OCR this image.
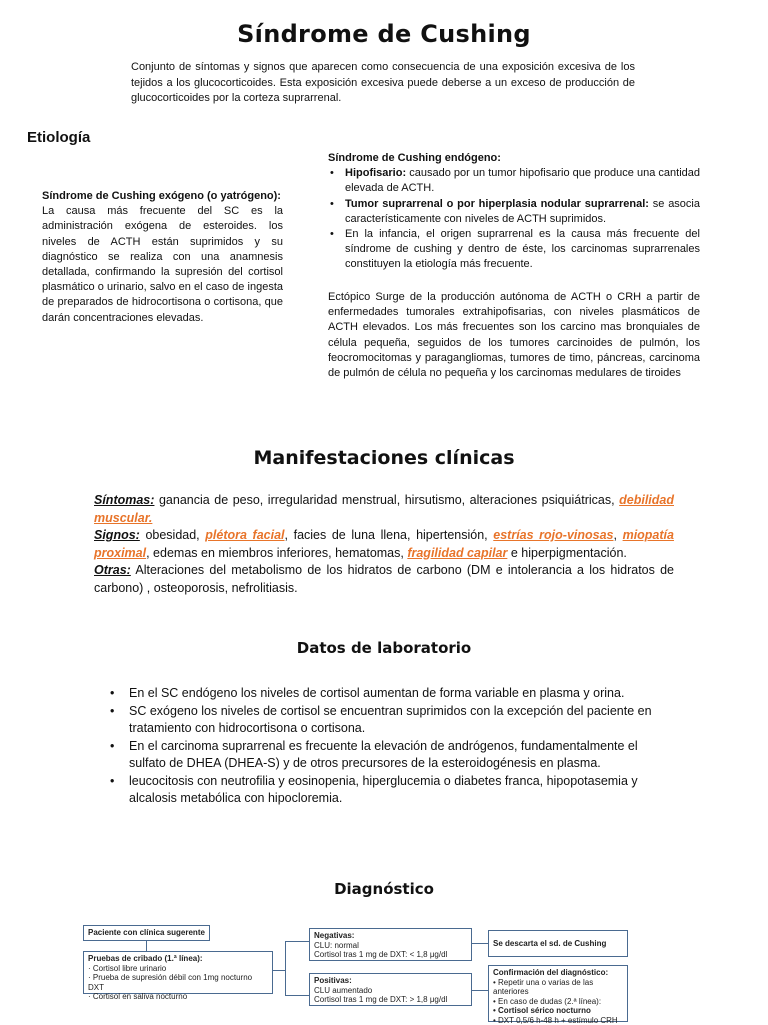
Síndrome de Cushing
Conjunto de síntomas y signos que aparecen como consecuencia de una exposición excesiva de los tejidos a los glucocorticoides. Esta exposición excesiva puede deberse a un exceso de producción de glucocorticoides por la corteza suprarrenal.
Etiología
Síndrome de Cushing exógeno (o yatrógeno):
La causa más frecuente del SC es la administración exógena de esteroides. los niveles de ACTH están suprimidos y su diagnóstico se realiza con una anamnesis detallada, confirmando la supresión del cortisol plasmático o urinario, salvo en el caso de ingesta de preparados de hidrocortisona o cortisona, que darán concentraciones elevadas.
Síndrome de Cushing endógeno:
• Hipofisario: causado por un tumor hipofisario que produce una cantidad elevada de ACTH.
• Tumor suprarrenal o por hiperplasia nodular suprarrenal: se asocia característicamente con niveles de ACTH suprimidos.
• En la infancia, el origen suprarrenal es la causa más frecuente del síndrome de cushing y dentro de éste, los carcinomas suprarrenales constituyen la etiología más frecuente.
Ectópico Surge de la producción autónoma de ACTH o CRH a partir de enfermedades tumorales extrahipofisarias, con niveles plasmáticos de ACTH elevados. Los más frecuentes son los carcino mas bronquiales de célula pequeña, seguidos de los tumores carcinoides de pulmón, los feocromocitomas y paragangliomas, tumores de timo, páncreas, carcinoma de pulmón de célula no pequeña y los carcinomas medulares de tiroides
Manifestaciones clínicas
Síntomas: ganancia de peso, irregularidad menstrual, hirsutismo, alteraciones psiquiátricas, debilidad muscular.
Signos: obesidad, plétora facial, facies de luna llena, hipertensión, estrías rojo-vinosas, miopatía proximal, edemas en miembros inferiores, hematomas, fragilidad capilar e hiperpigmentación.
Otras: Alteraciones del metabolismo de los hidratos de carbono (DM e intolerancia a los hidratos de carbono) , osteoporosis, nefrolitiasis.
Datos de laboratorio
• En el SC endógeno los niveles de cortisol aumentan de forma variable en plasma y orina.
• SC exógeno los niveles de cortisol se encuentran suprimidos con la excepción del paciente en tratamiento con hidrocortisona o cortisona.
• En el carcinoma suprarrenal es frecuente la elevación de andrógenos, fundamentalmente el sulfato de DHEA (DHEA-S) y de otros precursores de la esteroidogénesis en plasma.
• leucocitosis con neutrofilia y eosinopenia, hiperglucemia o diabetes franca, hipopotasemia y alcalosis metabólica con hipocloremia.
Diagnóstico
Paciente con clínica sugerente
Pruebas de cribado (1.ª línea):
· Cortisol libre urinario
· Prueba de supresión débil con 1mg nocturno DXT
· Cortisol en saliva nocturno
Negativas:
CLU: normal
Cortisol tras 1 mg de DXT: < 1,8 μg/dl
Positivas:
CLU aumentado
Cortisol tras 1 mg de DXT: > 1,8 μg/dl
Se descarta el sd. de Cushing
Confirmación del diagnóstico:
• Repetir una o varias de las anteriores
• En caso de dudas (2.ª línea):
• Cortisol sérico nocturno
• DXT 0,5/6 h-48 h + estímulo CRH
